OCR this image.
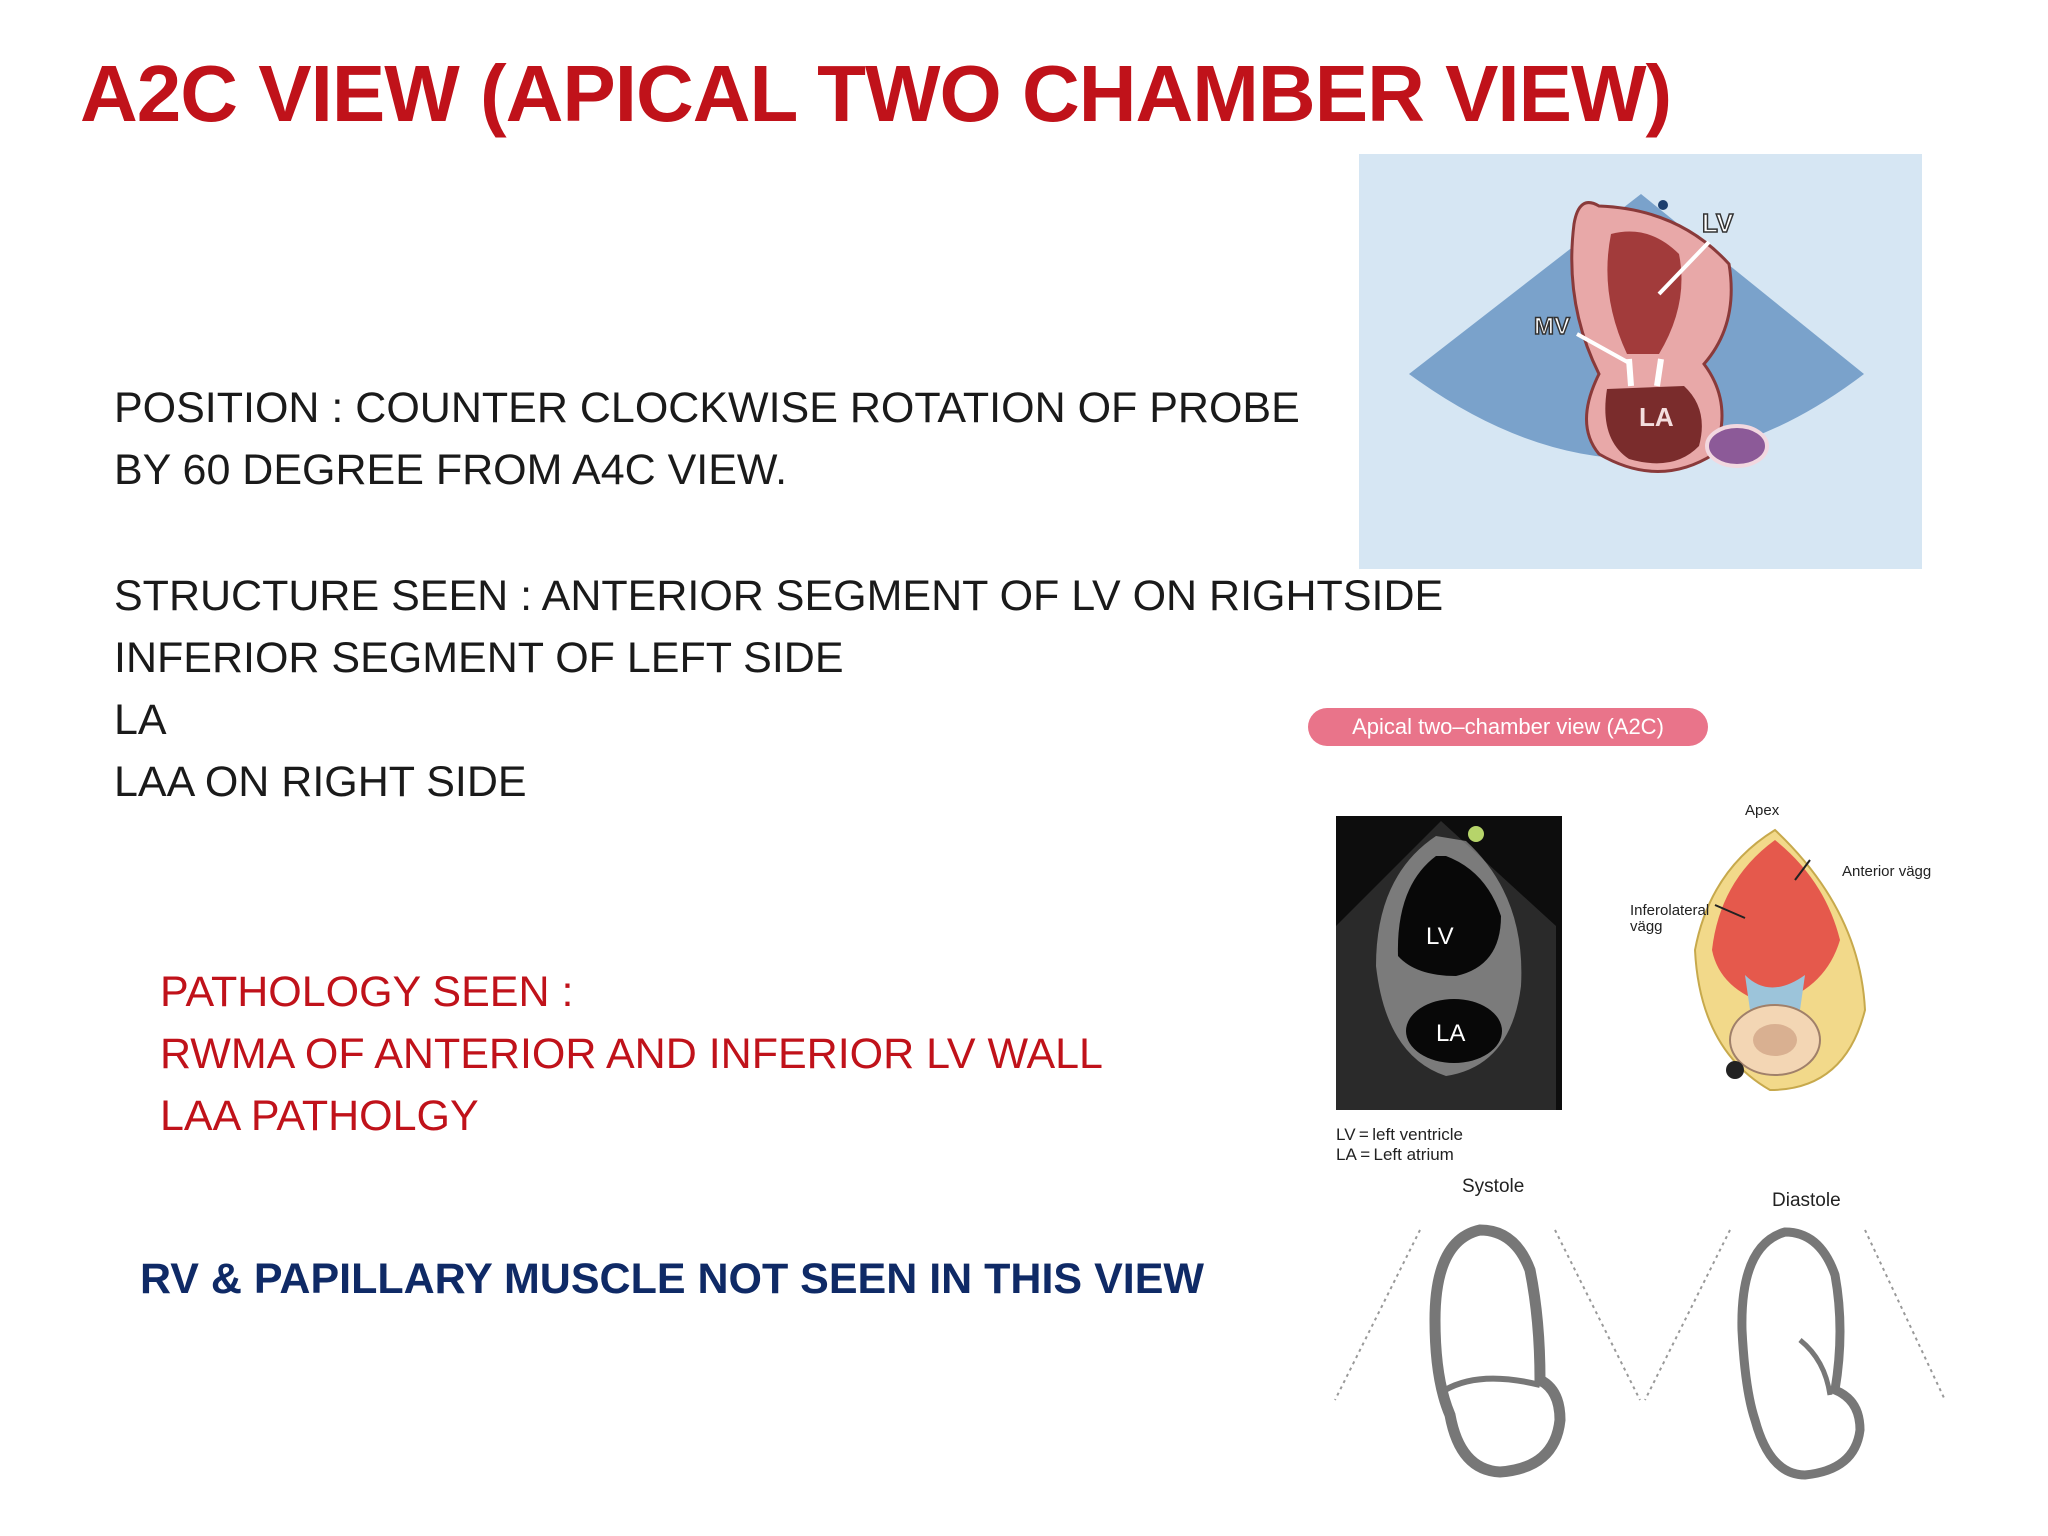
A2C VIEW (APICAL TWO CHAMBER VIEW)
POSITION : COUNTER CLOCKWISE ROTATION OF PROBE
BY 60 DEGREE FROM A4C VIEW.
STRUCTURE SEEN : ANTERIOR SEGMENT OF LV ON RIGHTSIDE
INFERIOR SEGMENT OF LEFT SIDE
LA
LAA ON RIGHT SIDE
PATHOLOGY SEEN :
RWMA OF ANTERIOR AND INFERIOR LV WALL
LAA PATHOLGY
RV & PAPILLARY MUSCLE NOT SEEN IN THIS VIEW
LV
MV
LA
Apical two–chamber view (A2C)
LV
LA
LV = left ventricle
LA = Left atrium
Apex
Anterior vägg
Inferolateral
vägg
Systole
Diastole
